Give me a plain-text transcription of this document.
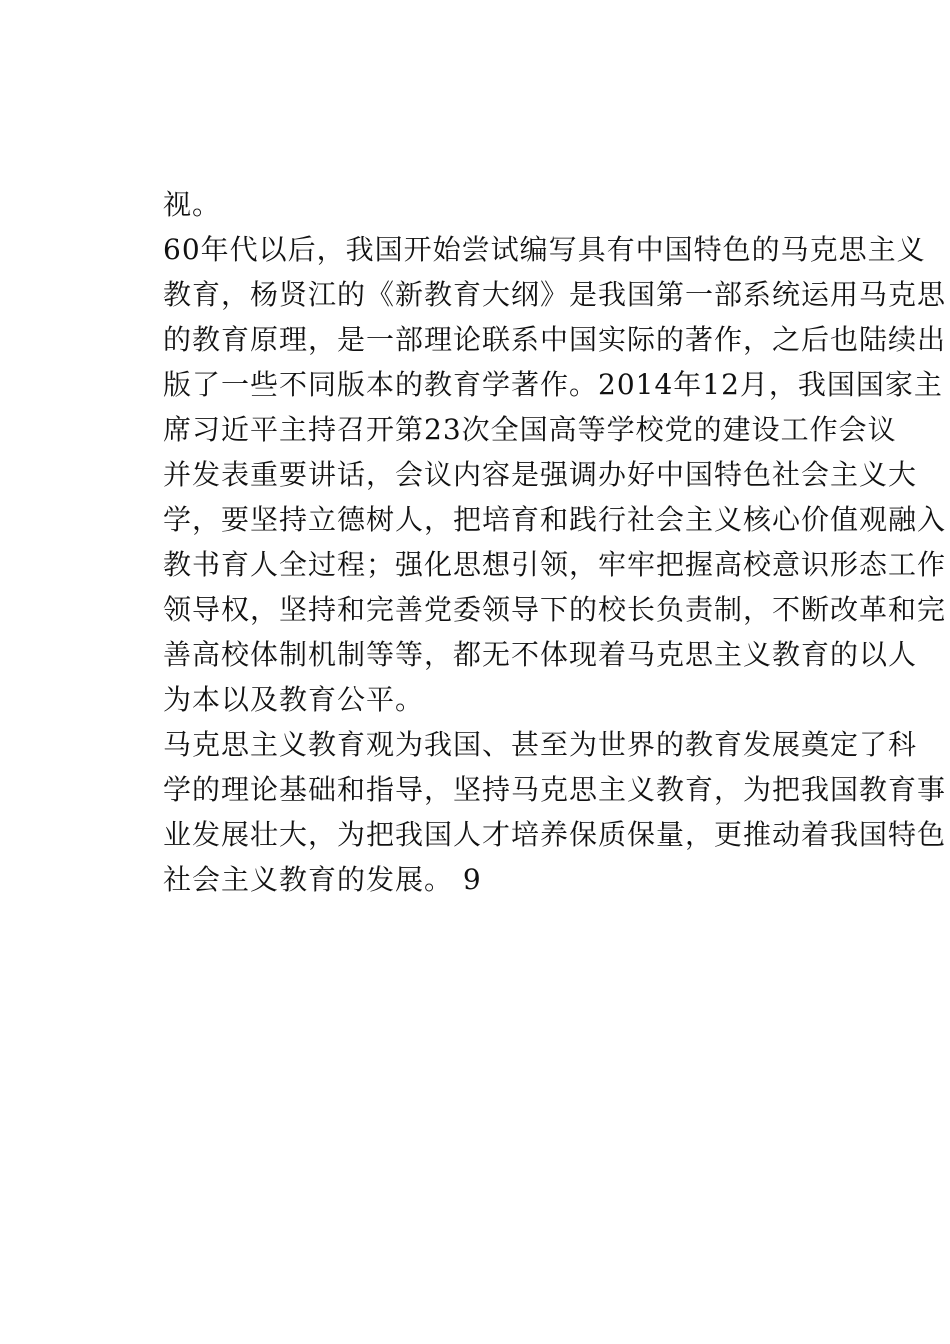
视。
60年代以后，我国开始尝试编写具有中国特色的马克思主义
教育，杨贤江的《新教育大纲》是我国第一部系统运用马克思
的教育原理，是一部理论联系中国实际的著作，之后也陆续出
版了一些不同版本的教育学著作。2014年12月，我国国家主
席习近平主持召开第23次全国高等学校党的建设工作会议
并发表重要讲话，会议内容是强调办好中国特色社会主义大
学，要坚持立德树人，把培育和践行社会主义核心价值观融入
教书育人全过程；强化思想引领，牢牢把握高校意识形态工作
领导权，坚持和完善党委领导下的校长负责制，不断改革和完
善高校体制机制等等，都无不体现着马克思主义教育的以人
为本以及教育公平。
马克思主义教育观为我国、甚至为世界的教育发展奠定了科
学的理论基础和指导，坚持马克思主义教育，为把我国教育事
业发展壮大，为把我国人才培养保质保量，更推动着我国特色
社会主义教育的发展。 9
